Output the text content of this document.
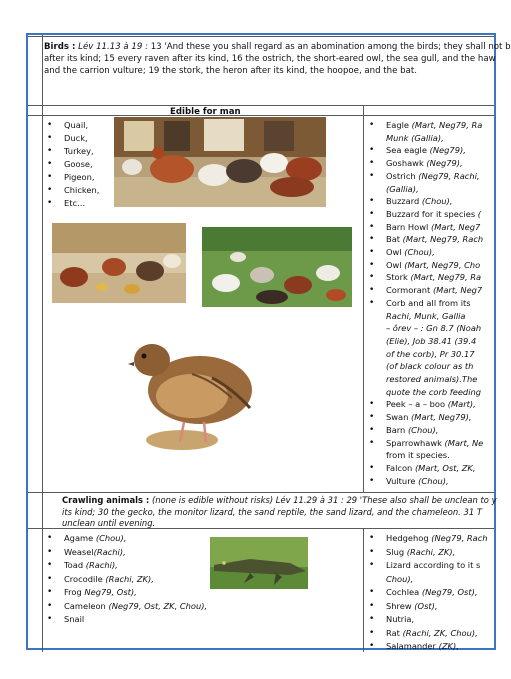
Birds : Lév 11.13 à 19 : 13 'And these you shall regard as an abomination among the birds; they shall not b
after its kind; 15 every raven after its kind, 16 the ostrich, the short-eared owl, the sea gull, and the haw
and the carrion vulture; 19 the stork, the heron after its kind, the hoopoe, and the bat.
Edible for man
• Quail,
• Duck,
• Turkey,
• Goose,
• Pigeon,
• Chicken,
• Etc…
• Eagle (Mart, Neg79, Ra
Munk (Gallia),
• Sea eagle (Neg79),
• Goshawk (Neg79),
• Ostrich (Neg79, Rachi,
(Gallia),
• Buzzard (Chou),
• Buzzard for it species (
• Barn Howl (Mart, Neg7
• Bat (Mart, Neg79, Rach
• Owl (Chou),
• Owl (Mart, Neg79, Cho
• Stork (Mart, Neg79, Ra
• Cormorant (Mart, Neg7
• Corb and all from its
Rachi, Munk, Gallia
– ôrev – : Gn 8.7 (Noah
(Elie), Job 38.41 (39.4
of the corb), Pr 30.17
(of black colour as th
restored animals).The
quote the corb feeding
• Peek – a – boo (Mart),
• Swan (Mart, Neg79),
• Barn (Chou),
• Sparrowhawk (Mart, Ne
from it species.
• Falcon (Mart, Ost, ZK,
• Vulture (Chou),
Crawling animals : (none is edible without risks) Lév 11.29 à 31 : 29 'These also shall be unclean to y
its kind; 30 the gecko, the monitor lizard, the sand reptile, the sand lizard, and the chameleon. 31 T
unclean until evening.
• Agame (Chou),
• Weasel(Rachi),
• Toad (Rachi),
• Crocodile (Rachi, ZK),
• Frog Neg79, Ost),
• Cameleon (Neg79, Ost, ZK, Chou),
• Snail
• Hedgehog (Neg79, Rach
• Slug (Rachi, ZK),
• Lizard according to it s
Chou),
• Cochlea (Neg79, Ost),
• Shrew (Ost),
• Nutria,
• Rat (Rachi, ZK, Chou),
• Salamander (ZK),
